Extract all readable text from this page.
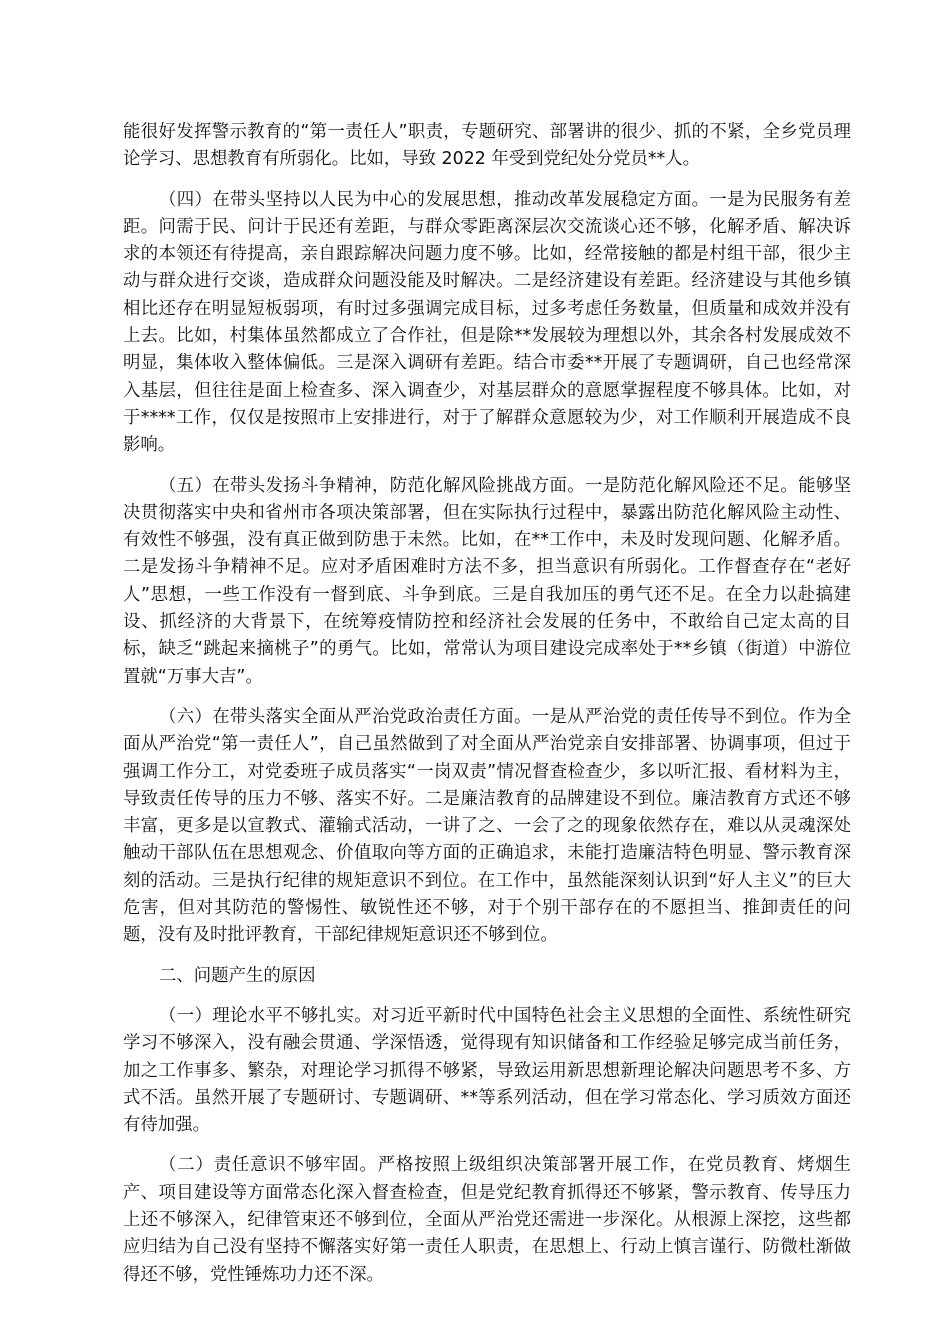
能很好发挥警示教育的“第一责任人”职责，专题研究、部署讲的很少、抓的不紧，全乡党员理论学习、思想教育有所弱化。比如，导致 2022 年受到党纪处分党员**人。

（四）在带头坚持以人民为中心的发展思想，推动改革发展稳定方面。一是为民服务有差距。问需于民、问计于民还有差距，与群众零距离深层次交流谈心还不够，化解矛盾、解决诉求的本领还有待提高，亲自跟踪解决问题力度不够。比如，经常接触的都是村组干部，很少主动与群众进行交谈，造成群众问题没能及时解决。二是经济建设有差距。经济建设与其他乡镇相比还存在明显短板弱项，有时过多强调完成目标，过多考虑任务数量，但质量和成效并没有上去。比如，村集体虽然都成立了合作社，但是除**发展较为理想以外，其余各村发展成效不明显，集体收入整体偏低。三是深入调研有差距。结合市委**开展了专题调研，自己也经常深入基层，但往往是面上检查多、深入调查少，对基层群众的意愿掌握程度不够具体。比如，对于****工作，仅仅是按照市上安排进行，对于了解群众意愿较为少，对工作顺利开展造成不良影响。

（五）在带头发扬斗争精神，防范化解风险挑战方面。一是防范化解风险还不足。能够坚决贯彻落实中央和省州市各项决策部署，但在实际执行过程中，暴露出防范化解风险主动性、有效性不够强，没有真正做到防患于未然。比如，在**工作中，未及时发现问题、化解矛盾。二是发扬斗争精神不足。应对矛盾困难时方法不多，担当意识有所弱化。工作督查存在“老好人”思想，一些工作没有一督到底、斗争到底。三是自我加压的勇气还不足。在全力以赴搞建设、抓经济的大背景下，在统筹疫情防控和经济社会发展的任务中，不敢给自己定太高的目标，缺乏“跳起来摘桃子”的勇气。比如，常常认为项目建设完成率处于**乡镇（街道）中游位置就“万事大吉”。

（六）在带头落实全面从严治党政治责任方面。一是从严治党的责任传导不到位。作为全面从严治党“第一责任人”，自己虽然做到了对全面从严治党亲自安排部署、协调事项，但过于强调工作分工，对党委班子成员落实“一岗双责”情况督查检查少，多以听汇报、看材料为主，导致责任传导的压力不够、落实不好。二是廉洁教育的品牌建设不到位。廉洁教育方式还不够丰富，更多是以宣教式、灌输式活动，一讲了之、一会了之的现象依然存在，难以从灵魂深处触动干部队伍在思想观念、价值取向等方面的正确追求，未能打造廉洁特色明显、警示教育深刻的活动。三是执行纪律的规矩意识不到位。在工作中，虽然能深刻认识到“好人主义”的巨大危害，但对其防范的警惕性、敏锐性还不够，对于个别干部存在的不愿担当、推卸责任的问题，没有及时批评教育，干部纪律规矩意识还不够到位。

二、问题产生的原因

（一）理论水平不够扎实。对习近平新时代中国特色社会主义思想的全面性、系统性研究学习不够深入，没有融会贯通、学深悟透，觉得现有知识储备和工作经验足够完成当前任务，加之工作事多、繁杂，对理论学习抓得不够紧，导致运用新思想新理论解决问题思考不多、方式不活。虽然开展了专题研讨、专题调研、**等系列活动，但在学习常态化、学习质效方面还有待加强。

（二）责任意识不够牢固。严格按照上级组织决策部署开展工作，在党员教育、烤烟生产、项目建设等方面常态化深入督查检查，但是党纪教育抓得还不够紧，警示教育、传导压力上还不够深入，纪律管束还不够到位，全面从严治党还需进一步深化。从根源上深挖，这些都应归结为自己没有坚持不懈落实好第一责任人职责，在思想上、行动上慎言谨行、防微杜渐做得还不够，党性锤炼功力还不深。
